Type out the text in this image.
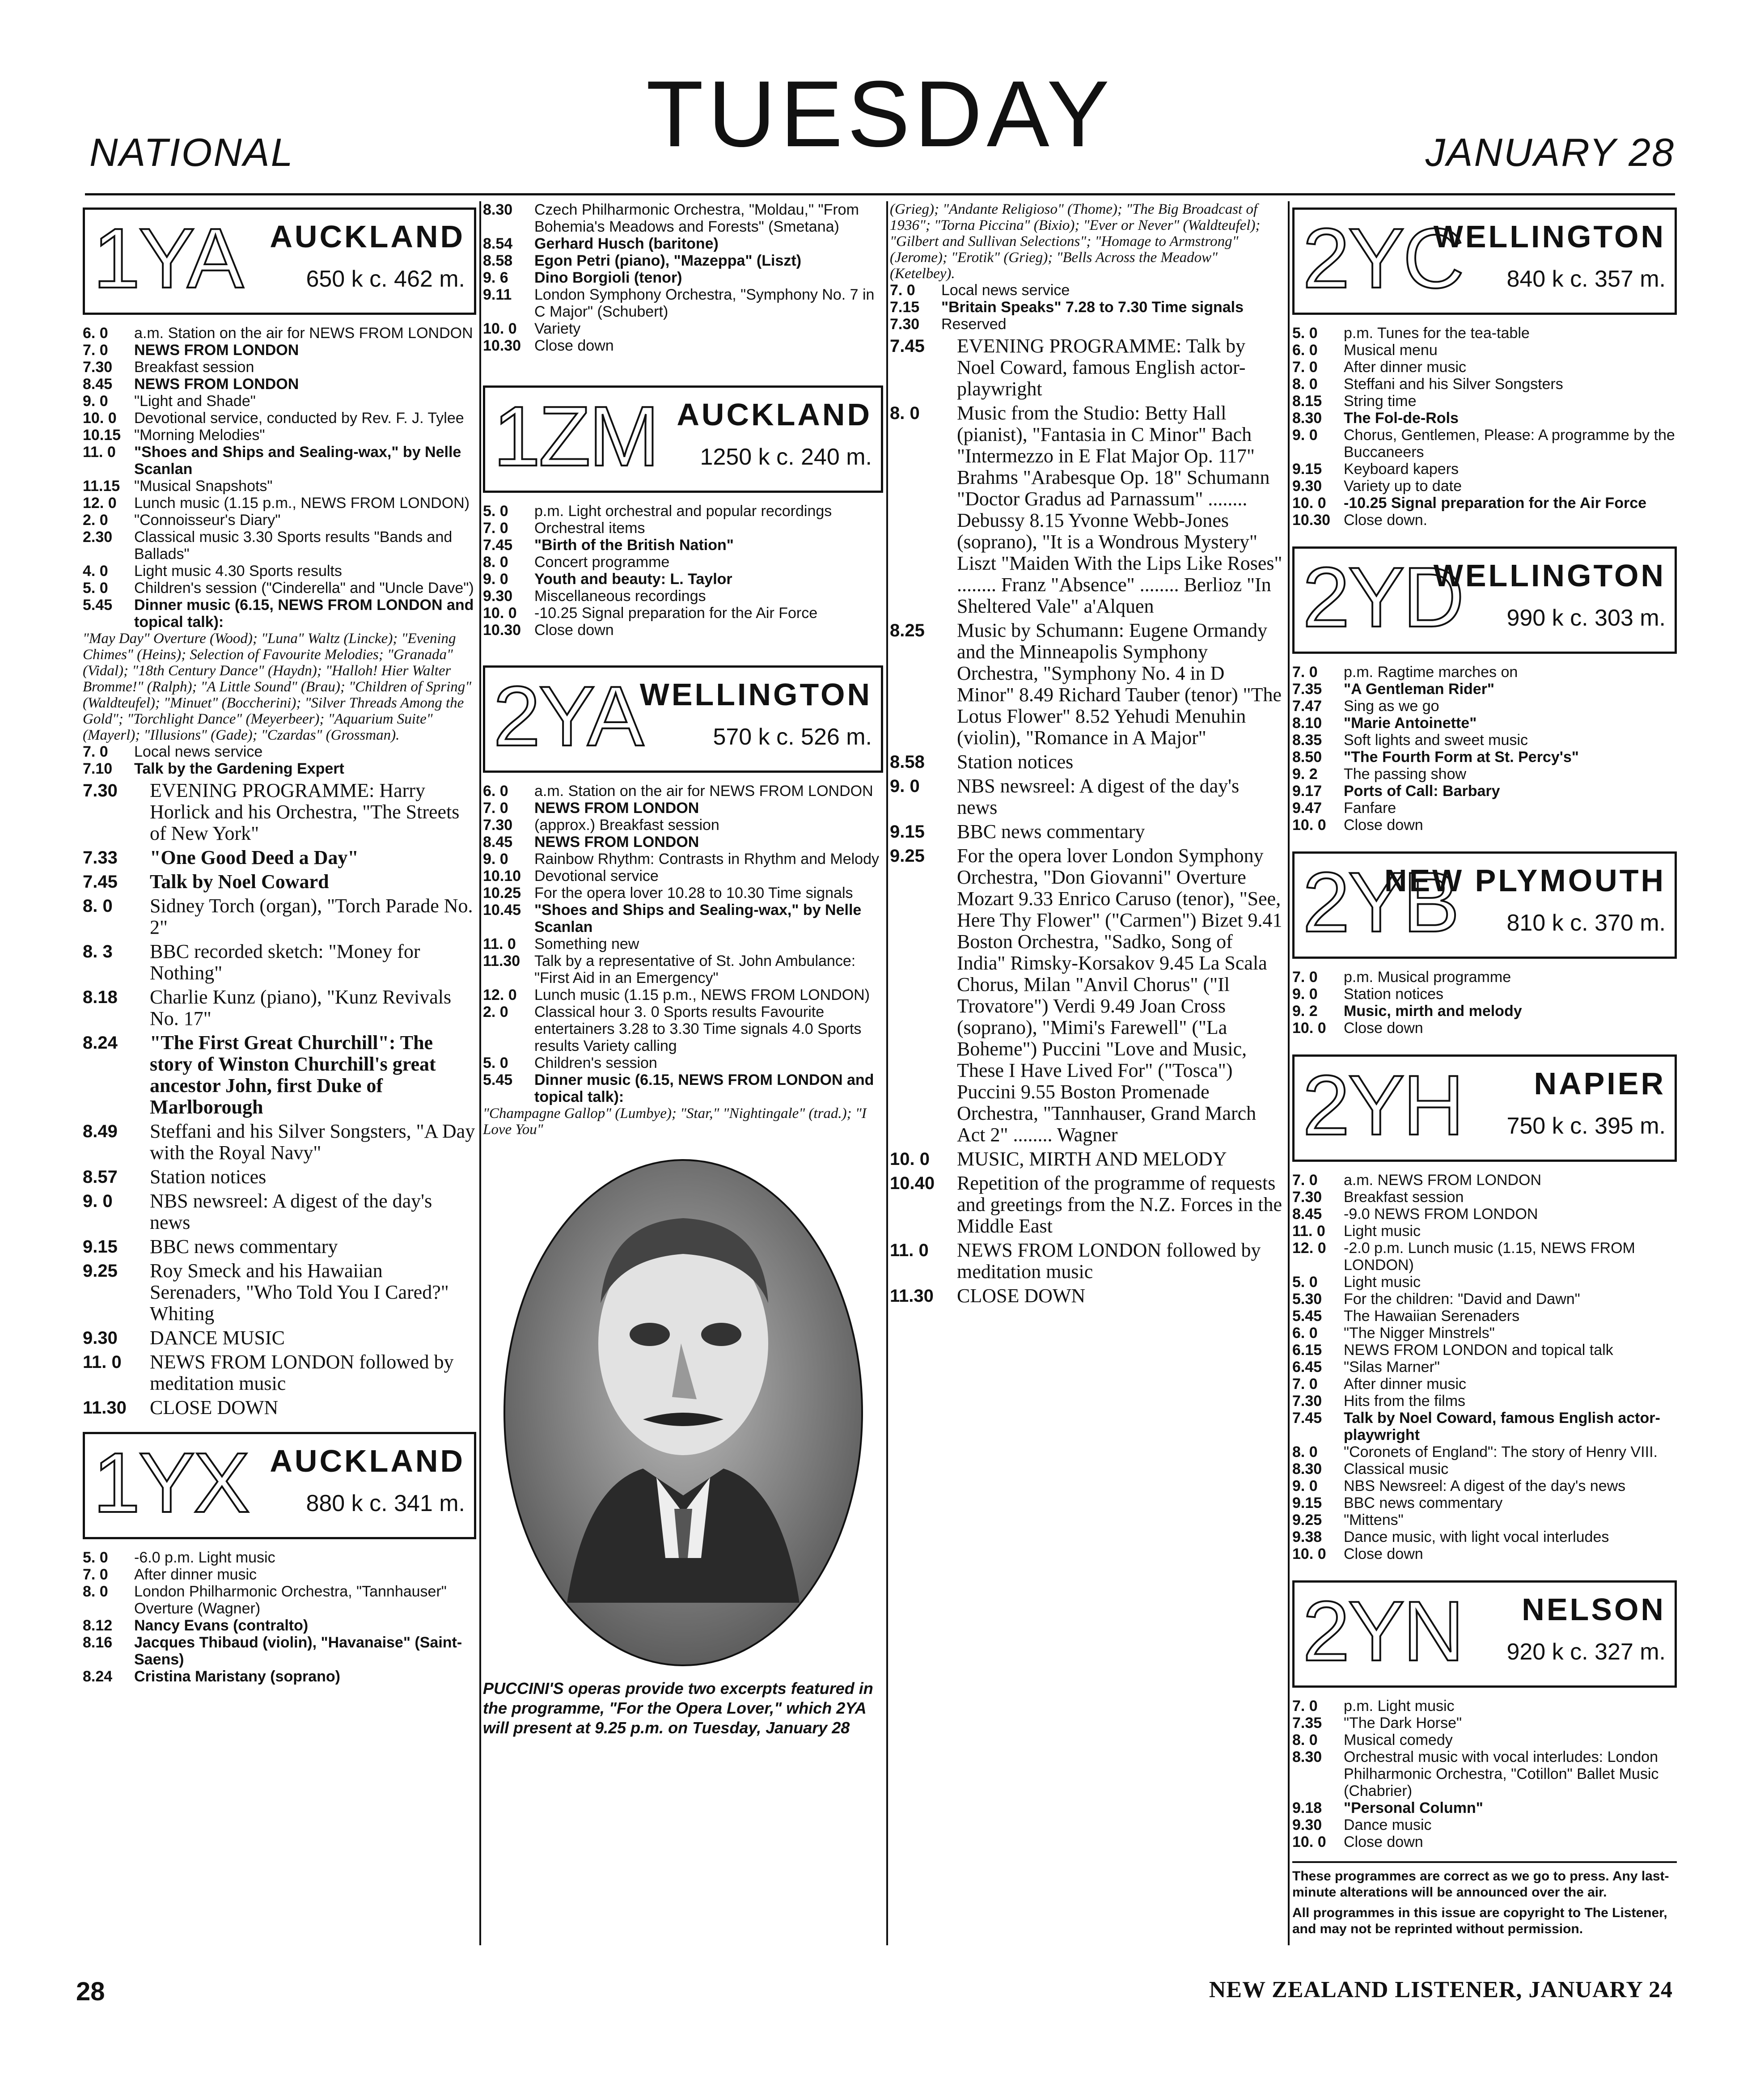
NATIONAL	TUESDAY	JANUARY 28
1YA AUCKLAND
650 k c. 462 m.
6. 0	a.m. Station on the air for NEWS FROM LONDON
7. 0	NEWS FROM LONDON
7.30	Breakfast session
8.45	NEWS FROM LONDON
9. 0	"Light and Shade"
10. 0	Devotional service, conducted by Rev. F. J. Tylee
10.15 "Morning Melodies"
11. 0	"Shoes and Ships and Sealing-wax," by Nelle Scanlan
11.15 "Musical Snapshots"
12. 0	Lunch music (1.15 p.m., NEWS FROM LONDON)
2. 0	"Connoisseur's Diary"
2.30	Classical music 3.30 Sports results "Bands and Ballads"
4. 0	Light music 4.30 Sports results
5. 0	Children's session ("Cinderella" and "Uncle Dave")
5.45	Dinner music (6.15, NEWS FROM LONDON and topical talk):
"May Day" Overture (Wood); "Luna" Waltz (Lincke); "Evening Chimes" (Heins); Selection of Favourite Melodies; "Granada" (Vidal); "18th Century Dance" (Haydn); "Halloh! Hier Walter Bromme!" (Ralph); "A Little Sound" (Brau); "Children of Spring" (Waldteufel); "Minuet" (Boccherini); "Silver Threads Among the Gold"; "Torchlight Dance" (Meyerbeer); "Aquarium Suite" (Mayerl); "Illusions" (Gade); "Czardas" (Grossman).
7. 0	Local news service
7.10	Talk by the Gardening Expert
7.30	EVENING PROGRAMME: Harry Horlick and his Orchestra, "The Streets of New York"
7.33	"One Good Deed a Day"
7.45	Talk by Noel Coward
8. 0	Sidney Torch (organ), "Torch Parade No. 2"
8. 3	BBC recorded sketch: "Money for Nothing"
8.18	Charlie Kunz (piano), "Kunz Revivals No. 17"
8.24	"The First Great Churchill": The story of Winston Churchill's great ancestor John, first Duke of Marlborough
8.49	Steffani and his Silver Songsters, "A Day with the Royal Navy"
8.57	Station notices
9. 0	NBS newsreel: A digest of the day's news
9.15	BBC news commentary
9.25	Roy Smeck and his Hawaiian Serenaders, "Who Told You I Cared?" Whiting
9.30	DANCE MUSIC
11. 0	NEWS FROM LONDON followed by meditation music
11.30	CLOSE DOWN
1YX AUCKLAND
880 k c. 341 m.
5. 0	-6.0 p.m. Light music
7. 0	After dinner music
8. 0	London Philharmonic Orchestra, "Tannhauser" Overture (Wagner)
8.12	Nancy Evans (contralto)
8.16	Jacques Thibaud (violin), "Havanaise" (Saint-Saens)
8.24	Cristina Maristany (soprano)
8.30	Czech Philharmonic Orchestra, "Moldau," "From Bohemia's Meadows and Forests" (Smetana)
8.54	Gerhard Husch (baritone)
8.58	Egon Petri (piano), "Mazeppa" (Liszt)
9. 6	Dino Borgioli (tenor)
9.11	London Symphony Orchestra, "Symphony No. 7 in C Major" (Schubert)
10. 0	Variety
10.30 Close down
1ZM AUCKLAND
1250 k c. 240 m.
5. 0	p.m. Light orchestral and popular recordings
7. 0	Orchestral items
7.45	"Birth of the British Nation"
8. 0	Concert programme
9. 0	Youth and beauty: L. Taylor
9.30	Miscellaneous recordings
10. 0	-10.25 Signal preparation for the Air Force
10.30 Close down
2YA
WELLINGTON
570 k c. 526 m.
6. 0	a.m. Station on the air for NEWS FROM LONDON
7. 0	NEWS FROM LONDON
7.30	(approx.) Breakfast session
8.45	NEWS FROM LONDON
9. 0	Rainbow Rhythm: Contrasts in Rhythm and Melody
10.10 Devotional service
10.25 For the opera lover 10.28 to 10.30 Time signals
10.45 "Shoes and Ships and Sealing-wax," by Nelle Scanlan
11. 0	Something new
11.30 Talk by a representative of St. John Ambulance: "First Aid in an Emergency"
12. 0	Lunch music (1.15 p.m., NEWS FROM LONDON)
2. 0	Classical hour 3. 0 Sports results Favourite entertainers 3.28 to 3.30 Time signals 4.0 Sports results Variety calling
5. 0	Children's session
5.45	Dinner music (6.15, NEWS FROM LONDON and topical talk):
"Champagne Gallop" (Lumbye); "Star," "Nightingale" (trad.); "I Love You"
PUCCINI'S operas provide two excerpts featured in the programme, "For the Opera Lover," which 2YA will present at 9.25 p.m. on Tuesday, January 28
(Grieg); "Andante Religioso" (Thome); "The Big Broadcast of 1936"; "Torna Piccina" (Bixio); "Ever or Never" (Waldteufel); "Gilbert and Sullivan Selections"; "Homage to Armstrong" (Jerome); "Erotik" (Grieg); "Bells Across the Meadow" (Ketelbey).
7. 0	Local news service
7.15	"Britain Speaks" 7.28 to 7.30 Time signals
7.30	Reserved
7.45	EVENING PROGRAMME: Talk by Noel Coward, famous English actor-playwright
8. 0	Music from the Studio: Betty Hall (pianist), "Fantasia in C Minor" Bach "Intermezzo in E Flat Major Op. 117" Brahms "Arabesque Op. 18" Schumann "Doctor Gradus ad Parnassum" ........ Debussy 8.15 Yvonne Webb-Jones (soprano), "It is a Wondrous Mystery" Liszt "Maiden With the Lips Like Roses" ........ Franz "Absence" ........ Berlioz "In Sheltered Vale" a'Alquen
8.25	Music by Schumann: Eugene Ormandy and the Minneapolis Symphony Orchestra, "Symphony No. 4 in D Minor" 8.49 Richard Tauber (tenor) "The Lotus Flower" 8.52 Yehudi Menuhin (violin), "Romance in A Major"
8.58	Station notices
9. 0	NBS newsreel: A digest of the day's news
9.15	BBC news commentary
9.25	For the opera lover London Symphony Orchestra, "Don Giovanni" Overture Mozart 9.33 Enrico Caruso (tenor), "See, Here Thy Flower" ("Carmen") Bizet 9.41 Boston Orchestra, "Sadko, Song of India" Rimsky-Korsakov 9.45 La Scala Chorus, Milan "Anvil Chorus" ("Il Trovatore") Verdi 9.49 Joan Cross (soprano), "Mimi's Farewell" ("La Boheme") Puccini "Love and Music, These I Have Lived For" ("Tosca") Puccini 9.55 Boston Promenade Orchestra, "Tannhauser, Grand March Act 2" ........ Wagner
10. 0	MUSIC, MIRTH AND MELODY
10.40	Repetition of the programme of requests and greetings from the N.Z. Forces in the Middle East
11. 0	NEWS FROM LONDON followed by meditation music
11.30	CLOSE DOWN
2YC
WELLINGTON
840 k c. 357 m.
5. 0	p.m. Tunes for the tea-table
6. 0	Musical menu
7. 0	After dinner music
8. 0	Steffani and his Silver Songsters
8.15	String time
8.30	The Fol-de-Rols
9. 0	Chorus, Gentlemen, Please: A programme by the Buccaneers
9.15	Keyboard kapers
9.30	Variety up to date
10. 0	-10.25 Signal preparation for the Air Force
10.30 Close down.
2YD
WELLINGTON
990 k c. 303 m.
7. 0	p.m. Ragtime marches on
7.35	"A Gentleman Rider"
7.47	Sing as we go
8.10	"Marie Antoinette"
8.35	Soft lights and sweet music
8.50	"The Fourth Form at St. Percy's"
9. 2	The passing show
9.17	Ports of Call: Barbary
9.47	Fanfare
10. 0	Close down
2YB
NEW PLYMOUTH
810 k c. 370 m.
7. 0	p.m. Musical programme
9. 0	Station notices
9. 2	Music, mirth and melody
10. 0	Close down
2YH NAPIER
750 k c. 395 m.
7. 0	a.m. NEWS FROM LONDON
7.30	Breakfast session
8.45	-9.0 NEWS FROM LONDON
11. 0	Light music
12. 0	-2.0 p.m. Lunch music (1.15, NEWS FROM LONDON)
5. 0	Light music
5.30	For the children: "David and Dawn"
5.45	The Hawaiian Serenaders
6. 0	"The Nigger Minstrels"
6.15	NEWS FROM LONDON and topical talk
6.45	"Silas Marner"
7. 0	After dinner music
7.30	Hits from the films
7.45	Talk by Noel Coward, famous English actor-playwright
8. 0	"Coronets of England": The story of Henry VIII.
8.30	Classical music
9. 0	NBS Newsreel: A digest of the day's news
9.15	BBC news commentary
9.25	"Mittens"
9.38	Dance music, with light vocal interludes
10. 0	Close down
2YN NELSON
920 k c. 327 m.
7. 0	p.m. Light music
7.35	"The Dark Horse"
8. 0	Musical comedy
8.30	Orchestral music with vocal interludes: London Philharmonic Orchestra, "Cotillon" Ballet Music (Chabrier)
9.18	"Personal Column"
9.30	Dance music
10. 0	Close down
These programmes are correct as we go to press. Any last-minute alterations will be announced over the air.
All programmes in this issue are copyright to The Listener, and may not be reprinted without permission.
28	NEW ZEALAND LISTENER, JANUARY 24
